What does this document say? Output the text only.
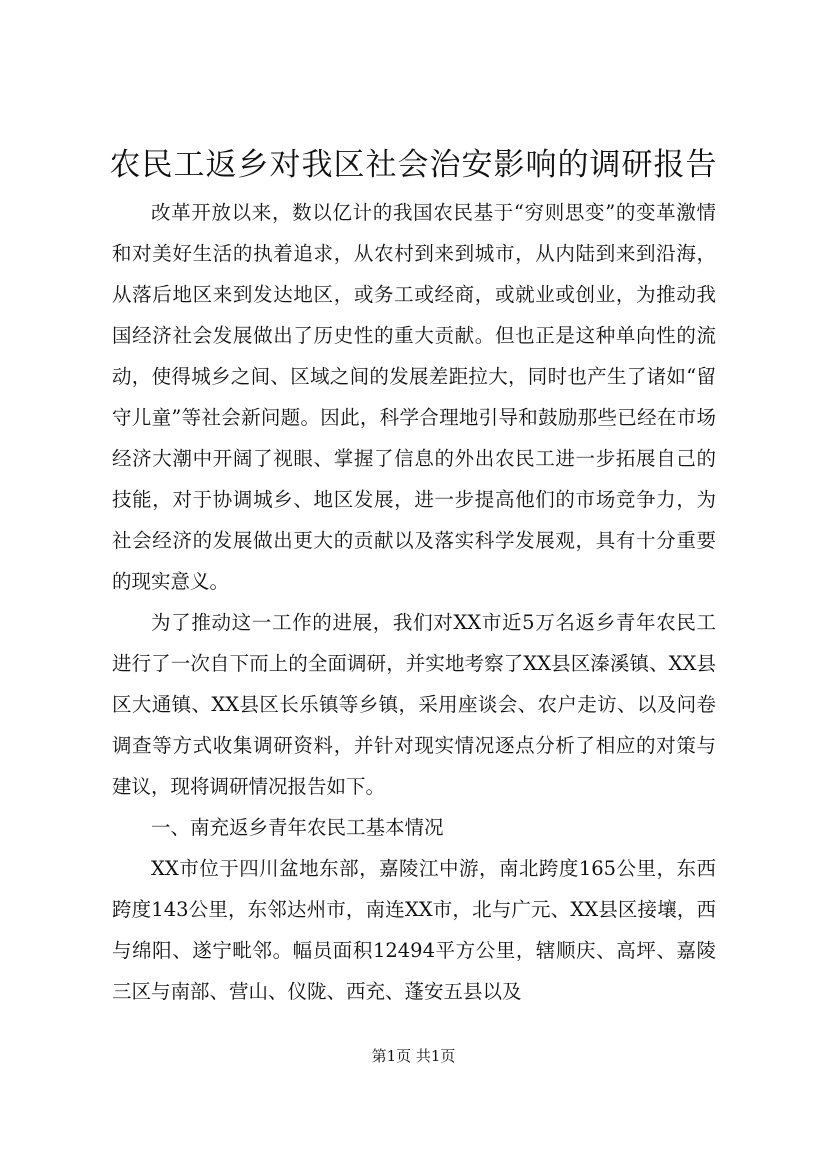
农民工返乡对我区社会治安影响的调研报告

改革开放以来，数以亿计的我国农民基于“穷则思变”的变革激情和对美好生活的执着追求，从农村到来到城市，从内陆到来到沿海，从落后地区来到发达地区，或务工或经商，或就业或创业，为推动我国经济社会发展做出了历史性的重大贡献。但也正是这种单向性的流动，使得城乡之间、区域之间的发展差距拉大，同时也产生了诸如“留守儿童”等社会新问题。因此，科学合理地引导和鼓励那些已经在市场经济大潮中开阔了视眼、掌握了信息的外出农民工进一步拓展自己的技能，对于协调城乡、地区发展，进一步提高他们的市场竞争力，为社会经济的发展做出更大的贡献以及落实科学发展观，具有十分重要的现实意义。

为了推动这一工作的进展，我们对XX市近5万名返乡青年农民工进行了一次自下而上的全面调研，并实地考察了XX县区溱溪镇、XX县区大通镇、XX县区长乐镇等乡镇，采用座谈会、农户走访、以及问卷调查等方式收集调研资料，并针对现实情况逐点分析了相应的对策与建议，现将调研情况报告如下。

一、南充返乡青年农民工基本情况

XX市位于四川盆地东部，嘉陵江中游，南北跨度165公里，东西跨度143公里，东邻达州市，南连XX市，北与广元、XX县区接壤，西与绵阳、遂宁毗邻。幅员面积12494平方公里，辖顺庆、高坪、嘉陵三区与南部、营山、仪陇、西充、蓬安五县以及

第1页 共1页
